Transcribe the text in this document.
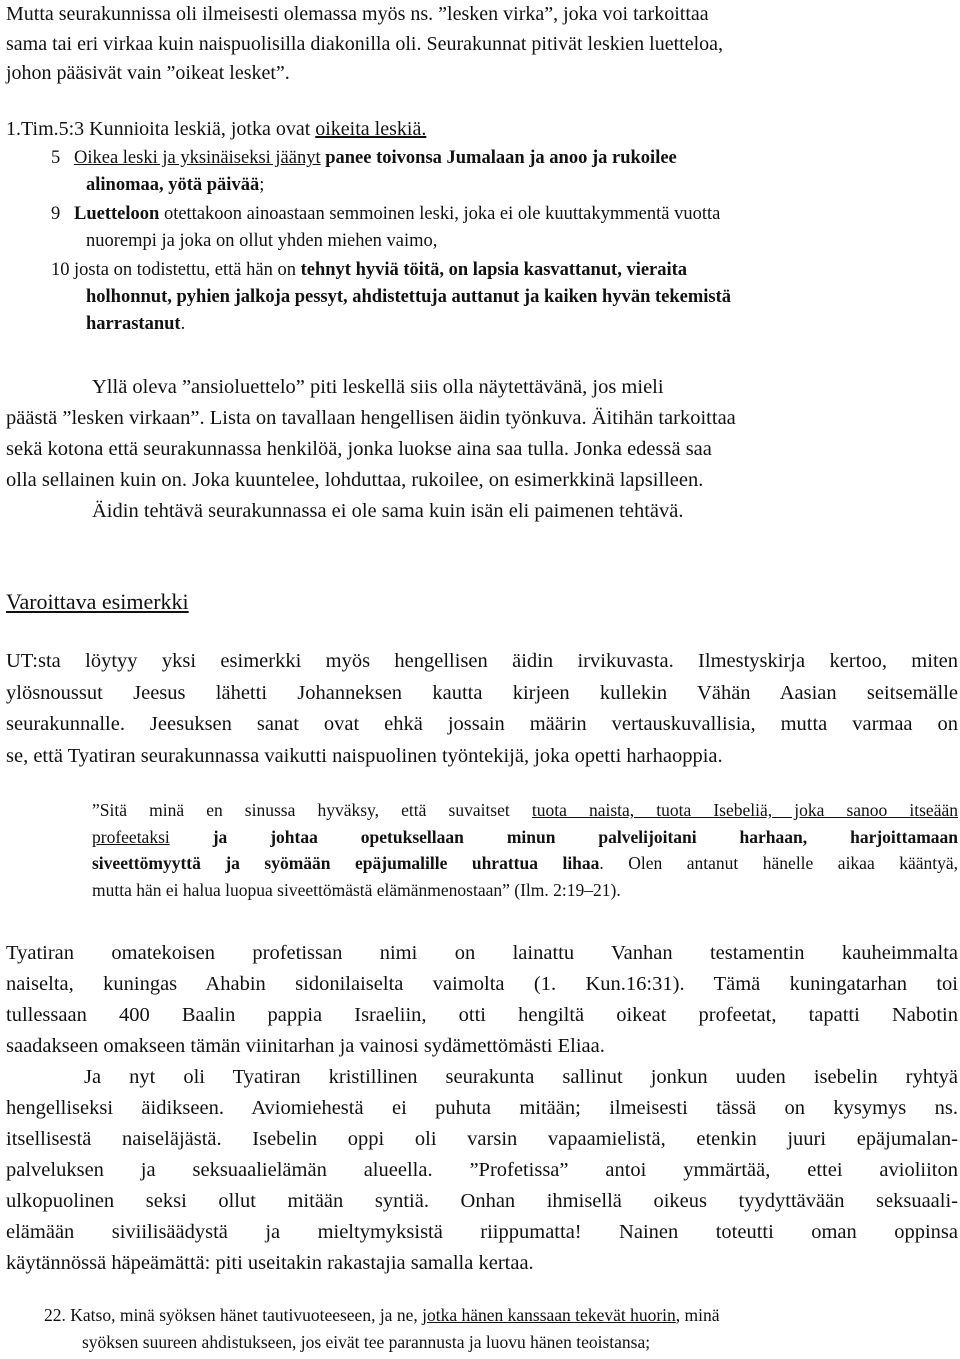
Mutta seurakunnissa oli ilmeisesti olemassa myös ns. ”lesken virka”, joka voi tarkoittaa

sama tai eri virkaa kuin naispuolisilla diakonilla oli. Seurakunnat pitivät leskien luetteloa,

johon pääsivät vain ”oikeat lesket”.

1.Tim.5:3 Kunnioita leskiä, jotka ovat oikeita leskiä.

5 Oikea leski ja yksinäiseksi jäänyt panee toivonsa Jumalaan ja anoo ja rukoilee

alinomaa, yötä päivää;

9 Luetteloon otettakoon ainoastaan semmoinen leski, joka ei ole kuuttakymmentä vuotta

nuorempi ja joka on ollut yhden miehen vaimo,

10 josta on todistettu, että hän on tehnyt hyviä töitä, on lapsia kasvattanut, vieraita

holhonnut, pyhien jalkoja pessyt, ahdistettuja auttanut ja kaiken hyvän tekemistä

harrastanut.

Yllä oleva ”ansioluettelo” piti leskellä siis olla näytettävänä, jos mieli

päästä ”lesken virkaan”. Lista on tavallaan hengellisen äidin työnkuva. Äitihän tarkoittaa

sekä kotona että seurakunnassa henkilöä, jonka luokse aina saa tulla. Jonka edessä saa

olla sellainen kuin on. Joka kuuntelee, lohduttaa, rukoilee, on esimerkkinä lapsilleen.

Äidin tehtävä seurakunnassa ei ole sama kuin isän eli paimenen tehtävä.

Varoittava esimerkki

UT:sta löytyy yksi esimerkki myös hengellisen äidin irvikuvasta. Ilmestyskirja kertoo, miten

ylösnoussut Jeesus lähetti Johanneksen kautta kirjeen kullekin Vähän Aasian seitsemälle

seurakunnalle. Jeesuksen sanat ovat ehkä jossain määrin vertauskuvallisia, mutta varmaa on

se, että Tyatiran seurakunnassa vaikutti naispuolinen työntekijä, joka opetti harhaoppia.

”Sitä minä en sinussa hyväksy, että suvaitset tuota naista, tuota Isebeliä, joka sanoo itseään

profeetaksi ja johtaa opetuksellaan minun palvelijoitani harhaan, harjoittamaan

siveettömyyttä ja syömään epäjumalille uhrattua lihaa. Olen antanut hänelle aikaa kääntyä,

mutta hän ei halua luopua siveettömästä elämänmenostaan” (Ilm. 2:19–21).

Tyatiran omatekoisen profetissan nimi on lainattu Vanhan testamentin kauheimmalta

naiselta, kuningas Ahabin sidonilaiselta vaimolta (1. Kun.16:31). Tämä kuningatarhan toi

tullessaan 400 Baalin pappia Israeliin, otti hengiltä oikeat profeetat, tapatti Nabotin

saadakseen omakseen tämän viinitarhan ja vainosi sydämettömästi Eliaa.

Ja nyt oli Tyatiran kristillinen seurakunta sallinut jonkun uuden isebelin ryhtyä

hengelliseksi äidikseen. Aviomiehestä ei puhuta mitään; ilmeisesti tässä on kysymys ns.

itsellisestä naiseläjästä. Isebelin oppi oli varsin vapaamielistä, etenkin juuri epäjumalan-

palveluksen ja seksuaalielämän alueella. ”Profetissa” antoi ymmärtää, ettei avioliiton

ulkopuolinen seksi ollut mitään syntiä. Onhan ihmisellä oikeus tyydyttävään seksuaali-

elämään siviilisäädystä ja mieltymyksistä riippumatta! Nainen toteutti oman oppinsa

käytännössä häpeämättä: piti useitakin rakastajia samalla kertaa.

22. Katso, minä syöksen hänet tautivuoteeseen, ja ne, jotka hänen kanssaan tekevät huorin, minä

syöksen suureen ahdistukseen, jos eivät tee parannusta ja luovu hänen teoistansa;
